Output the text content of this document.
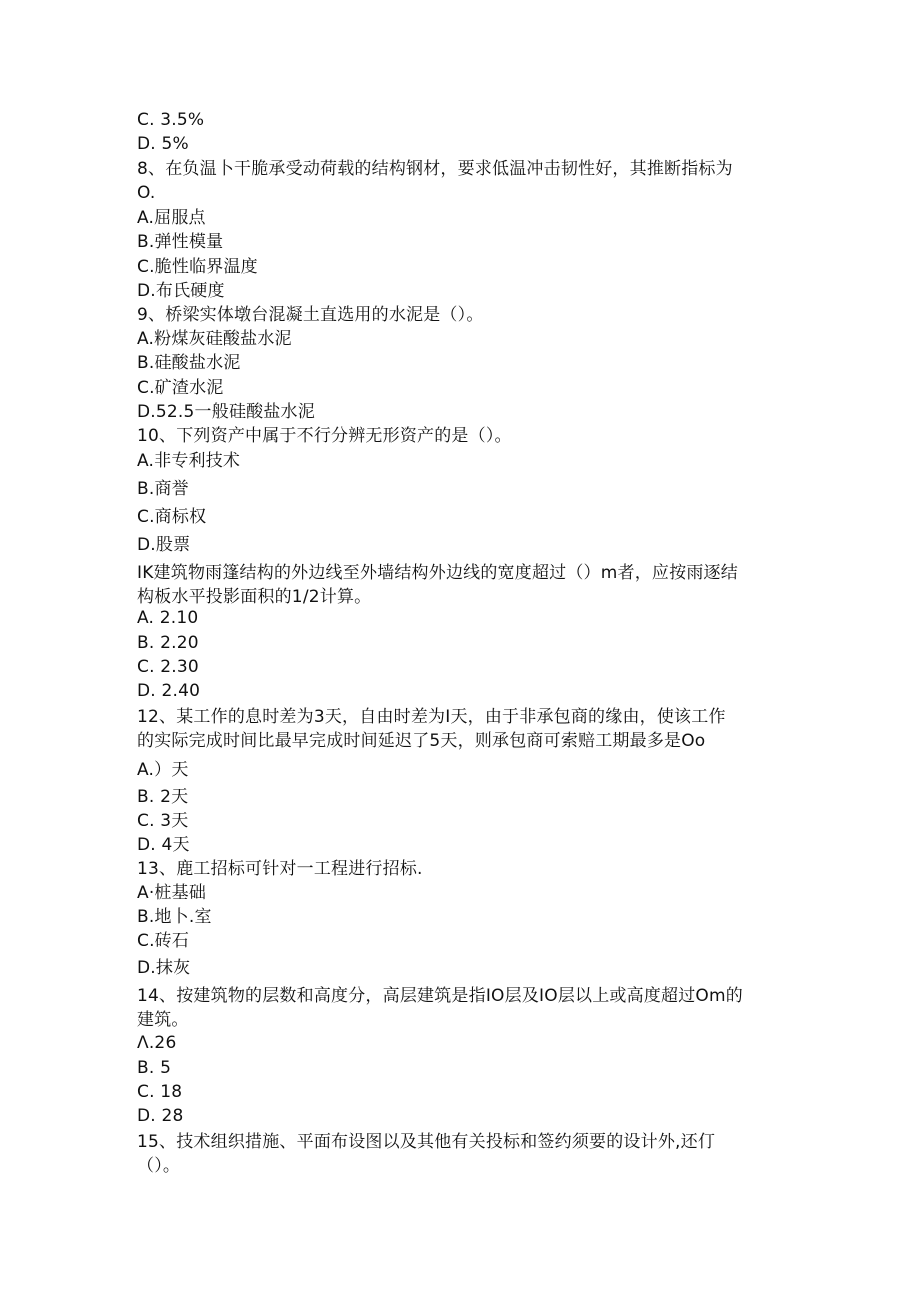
C. 3.5%
D. 5%
8、在负温卜干脆承受动荷载的结构钢材，要求低温冲击韧性好，其推断指标为
O.
A.屈服点
B.弹性模量
C.脆性临界温度
D.布氏硬度
9、桥梁实体墩台混凝土直选用的水泥是（）。
A.粉煤灰硅酸盐水泥
B.硅酸盐水泥
C.矿渣水泥
D.52.5一般硅酸盐水泥
10、下列资产中属于不行分辨无形资产的是（）。
A.非专利技术
B.商誉
C.商标权
D.股票
IK建筑物雨篷结构的外边线至外墙结构外边线的宽度超过（）m者，应按雨逐结
构板水平投影面积的1/2计算。
A. 2.10
B. 2.20
C. 2.30
D. 2.40
12、某工作的息时差为3天，自由时差为I天，由于非承包商的缘由，使该工作
的实际完成时间比最早完成时间延迟了5天，则承包商可索赔工期最多是Oo
A.）天
B. 2天
C. 3天
D. 4天
13、鹿工招标可针对一工程进行招标.
A·桩基础
B.地卜.室
C.砖石
D.抹灰
14、按建筑物的层数和高度分，高层建筑是指IO层及IO层以上或高度超过Om的
建筑。
Λ.26
B. 5
C. 18
D. 28
15、技术组织措施、平面布设图以及其他有关投标和签约须要的设计外,还仃
（）。
